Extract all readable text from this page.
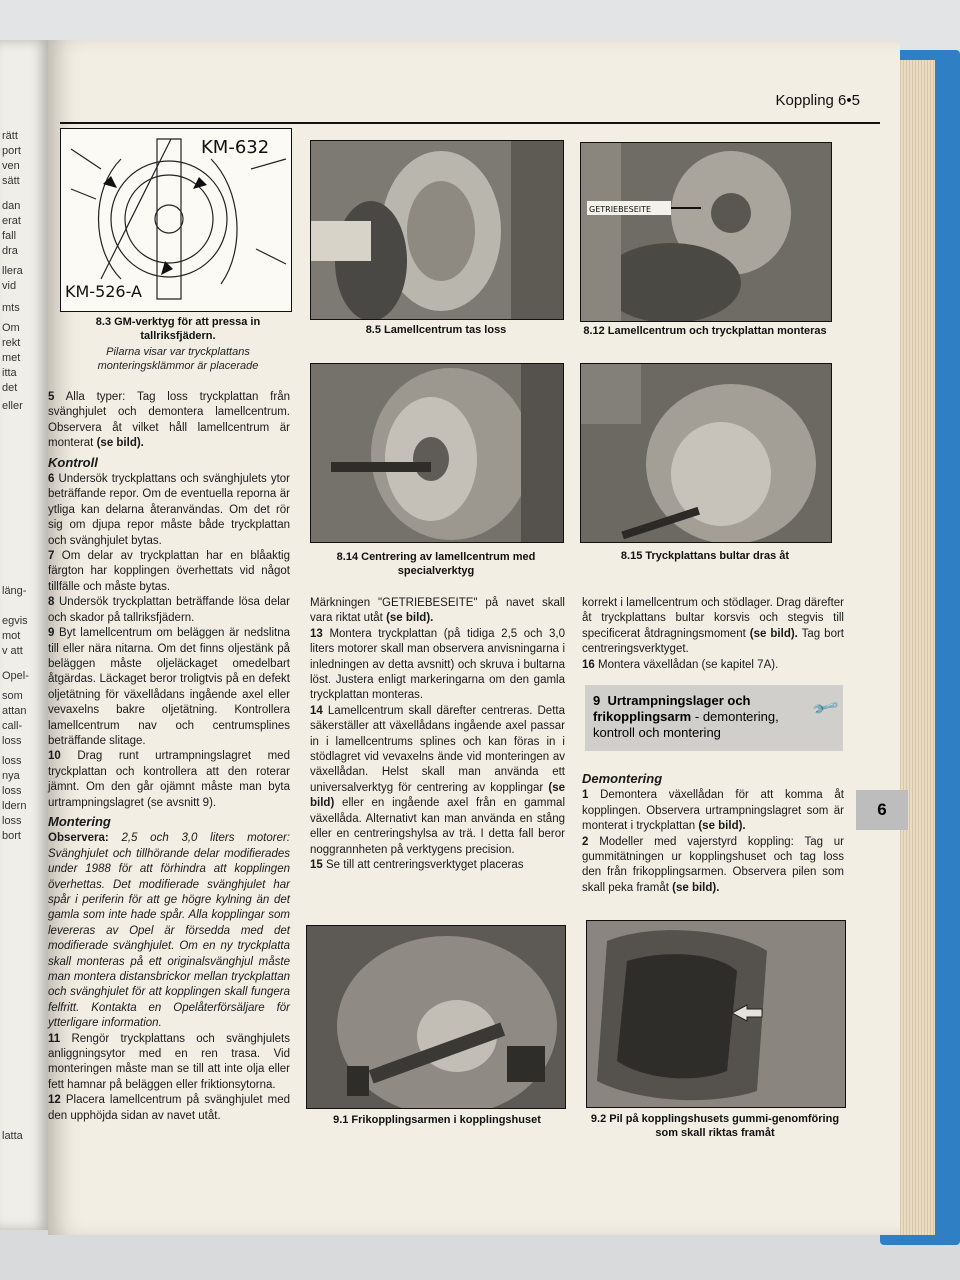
rätt
port
ven
sätt
dan
erat
fall
dra
llera
vid
mts
Om
rekt
met
itta
det
eller
läng-
egvis
mot
v att
Opel-
som
attan
call-
loss
loss
nya
loss
ldern
loss
bort
latta
Koppling 6•5
6
KM-632
KM-526-A
8.3 GM-verktyg för att pressa in tallriksfjädern.
Pilarna visar var tryckplattans monteringsklämmor är placerade
8.5 Lamellcentrum tas loss
GETRIEBESEITE
8.12 Lamellcentrum och tryckplattan monteras
8.14 Centrering av lamellcentrum med specialverktyg
8.15 Tryckplattans bultar dras åt

5 Alla typer: Tag loss tryckplattan från svänghjulet och demontera lamellcentrum. Observera åt vilket håll lamellcentrum är monterat (se bild).

Kontroll

6 Undersök tryckplattans och svänghjulets ytor beträffande repor. Om de eventuella reporna är ytliga kan delarna återanvändas. Om det rör sig om djupa repor måste både tryckplattan och svänghjulet bytas.

7 Om delar av tryckplattan har en blåaktig färgton har kopplingen överhettats vid något tillfälle och måste bytas.

8 Undersök tryckplattan beträffande lösa delar och skador på tallriksfjädern.

9 Byt lamellcentrum om beläggen är nedslitna till eller nära nitarna. Om det finns oljestänk på beläggen måste oljeläckaget omedelbart åtgärdas. Läckaget beror troligtvis på en defekt oljetätning för växellådans ingående axel eller vevaxelns bakre oljetätning. Kontrollera lamellcentrum nav och centrumsplines beträffande slitage.

10 Drag runt urtrampningslagret med tryckplattan och kontrollera att den roterar jämnt. Om den går ojämnt måste man byta urtrampningslagret (se avsnitt 9).

Montering

Observera: 2,5 och 3,0 liters motorer: Svänghjulet och tillhörande delar modifierades under 1988 för att förhindra att kopplingen överhettas. Det modifierade svänghjulet har spår i periferin för att ge högre kylning än det gamla som inte hade spår. Alla kopplingar som levereras av Opel är försedda med det modifierade svänghjulet. Om en ny tryckplatta skall monteras på ett originalsvänghjul måste man montera distansbrickor mellan tryckplattan och svänghjulet för att kopplingen skall fungera felfritt. Kontakta en Opelåterförsäljare för ytterligare information.

11 Rengör tryckplattans och svänghjulets anliggningsytor med en ren trasa. Vid monteringen måste man se till att inte olja eller fett hamnar på beläggen eller friktionsytorna.

12 Placera lamellcentrum på svänghjulet med den upphöjda sidan av navet utåt.

Märkningen "GETRIEBESEITE" på navet skall vara riktat utåt (se bild).

13 Montera tryckplattan (på tidiga 2,5 och 3,0 liters motorer skall man observera anvisningarna i inledningen av detta avsnitt) och skruva i bultarna löst. Justera enligt markeringarna om den gamla tryckplattan monteras.

14 Lamellcentrum skall därefter centreras. Detta säkerställer att växellådans ingående axel passar in i lamellcentrums splines och kan föras in i stödlagret vid vevaxelns ände vid monteringen av växellådan. Helst skall man använda ett universalverktyg för centrering av kopplingar (se bild) eller en ingående axel från en gammal växellåda. Alternativt kan man använda en stång eller en centreringshylsa av trä. I detta fall beror noggrannheten på verktygens precision.

15 Se till att centreringsverktyget placeras

korrekt i lamellcentrum och stödlager. Drag därefter åt tryckplattans bultar korsvis och stegvis till specificerat åtdragningsmoment (se bild). Tag bort centreringsverktyget.

16 Montera växellådan (se kapitel 7A).

9 Urtrampningslager och frikopplingsarm - demontering, kontroll och montering
🔧
Demontering

1 Demontera växellådan för att komma åt kopplingen. Observera urtrampningslagret som är monterat i tryckplattan (se bild).

2 Modeller med vajerstyrd koppling: Tag ur gummitätningen ur kopplingshuset och tag loss den från frikopplingsarmen. Observera pilen som skall peka framåt (se bild).

9.1 Frikopplingsarmen i kopplingshuset	9.2 Pil på kopplingshusets gummi-genomföring som skall riktas framåt
